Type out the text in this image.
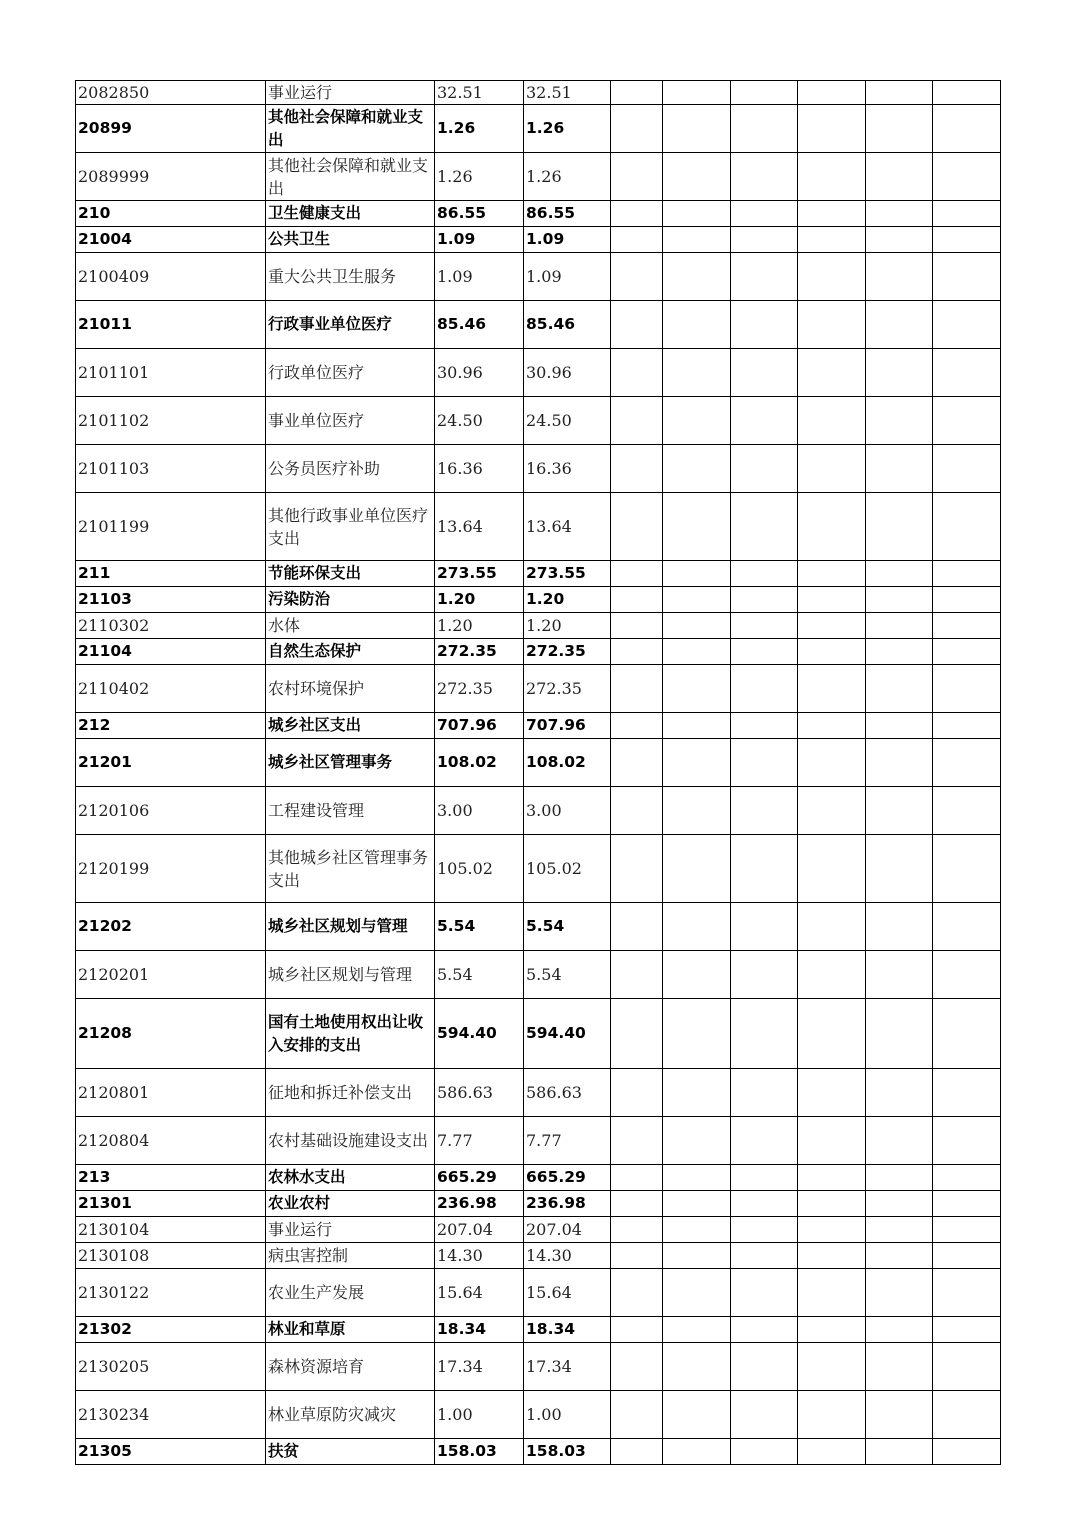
2082850	事业运行	32.51	32.51						
20899	其他社会保障和就业支出	1.26	1.26						
2089999	其他社会保障和就业支出	1.26	1.26						
210	卫生健康支出	86.55	86.55						
21004	公共卫生	1.09	1.09						
2100409	重大公共卫生服务	1.09	1.09						
21011	行政事业单位医疗	85.46	85.46						
2101101	行政单位医疗	30.96	30.96						
2101102	事业单位医疗	24.50	24.50						
2101103	公务员医疗补助	16.36	16.36						
2101199	其他行政事业单位医疗支出	13.64	13.64						
211	节能环保支出	273.55	273.55						
21103	污染防治	1.20	1.20						
2110302	水体	1.20	1.20						
21104	自然生态保护	272.35	272.35						
2110402	农村环境保护	272.35	272.35						
212	城乡社区支出	707.96	707.96						
21201	城乡社区管理事务	108.02	108.02						
2120106	工程建设管理	3.00	3.00						
2120199	其他城乡社区管理事务支出	105.02	105.02						
21202	城乡社区规划与管理	5.54	5.54						
2120201	城乡社区规划与管理	5.54	5.54						
21208	国有土地使用权出让收入安排的支出	594.40	594.40						
2120801	征地和拆迁补偿支出	586.63	586.63						
2120804	农村基础设施建设支出	7.77	7.77						
213	农林水支出	665.29	665.29						
21301	农业农村	236.98	236.98						
2130104	事业运行	207.04	207.04						
2130108	病虫害控制	14.30	14.30						
2130122	农业生产发展	15.64	15.64						
21302	林业和草原	18.34	18.34						
2130205	森林资源培育	17.34	17.34						
2130234	林业草原防灾减灾	1.00	1.00						
21305	扶贫	158.03	158.03						
